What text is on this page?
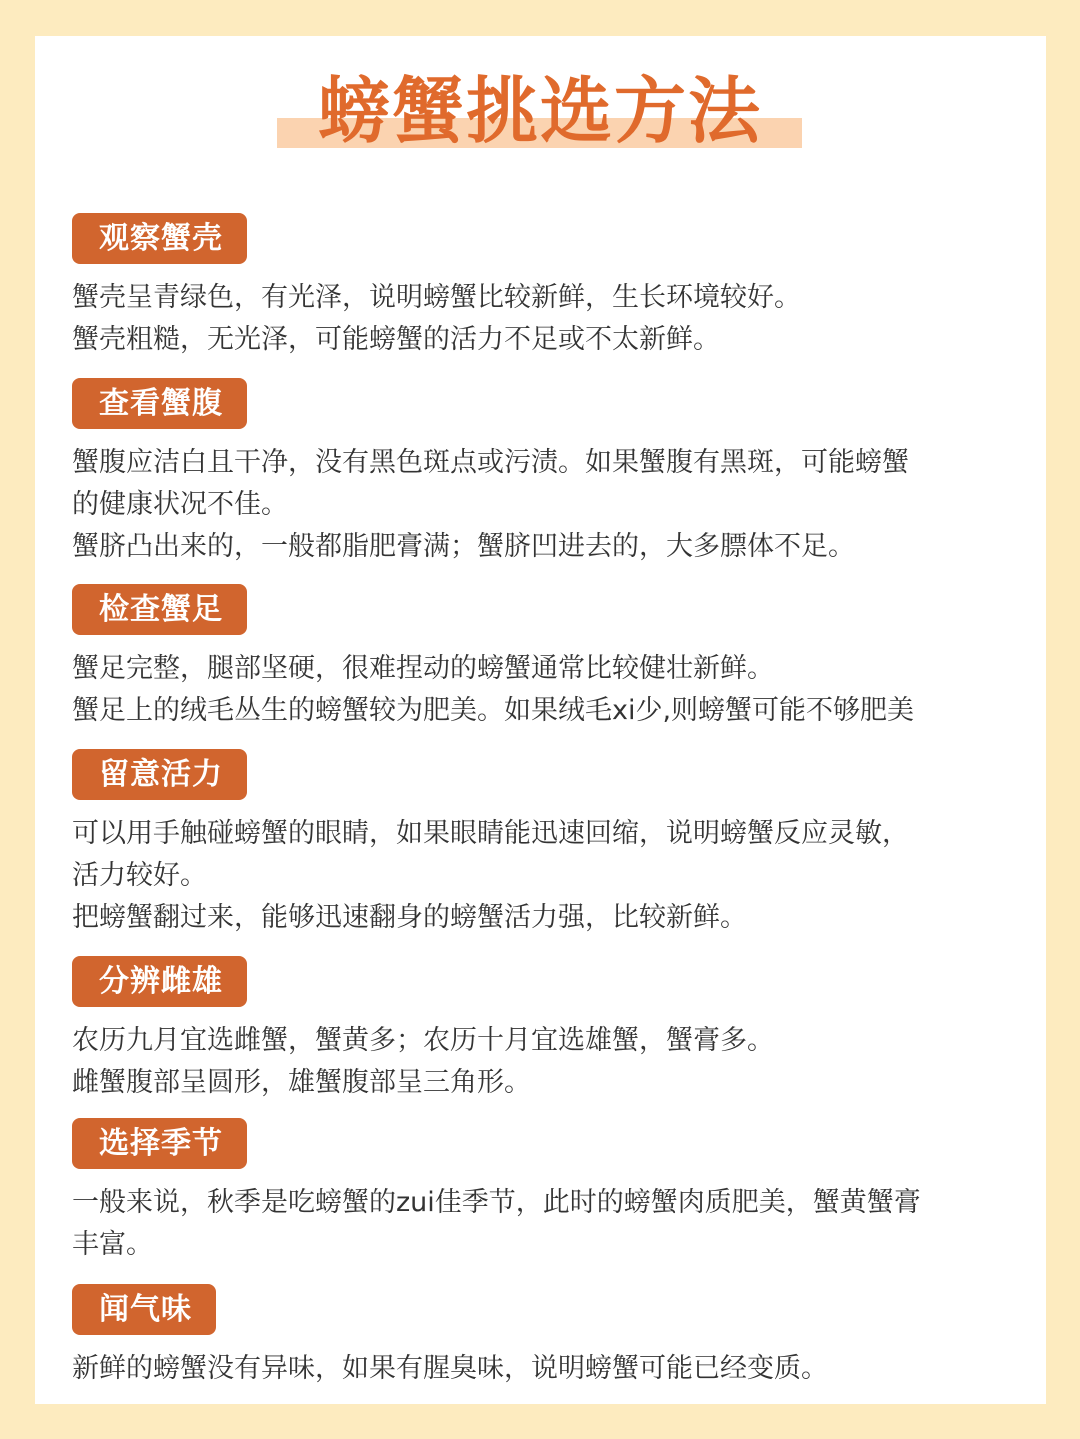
螃蟹挑选方法
观察蟹壳
蟹壳呈青绿色，有光泽，说明螃蟹比较新鲜，生长环境较好。
蟹壳粗糙，无光泽，可能螃蟹的活力不足或不太新鲜。
查看蟹腹
蟹腹应洁白且干净，没有黑色斑点或污渍。如果蟹腹有黑斑，可能螃蟹
的健康状况不佳。
蟹脐凸出来的，一般都脂肥膏满；蟹脐凹进去的，大多膘体不足。
检查蟹足
蟹足完整，腿部坚硬，很难捏动的螃蟹通常比较健壮新鲜。
蟹足上的绒毛丛生的螃蟹较为肥美。如果绒毛xi少,则螃蟹可能不够肥美
留意活力
可以用手触碰螃蟹的眼睛，如果眼睛能迅速回缩，说明螃蟹反应灵敏，
活力较好。
把螃蟹翻过来，能够迅速翻身的螃蟹活力强，比较新鲜。
分辨雌雄
农历九月宜选雌蟹，蟹黄多；农历十月宜选雄蟹，蟹膏多。
雌蟹腹部呈圆形，雄蟹腹部呈三角形。
选择季节
一般来说，秋季是吃螃蟹的zui佳季节，此时的螃蟹肉质肥美，蟹黄蟹膏
丰富。
闻气味
新鲜的螃蟹没有异味，如果有腥臭味，说明螃蟹可能已经变质。
